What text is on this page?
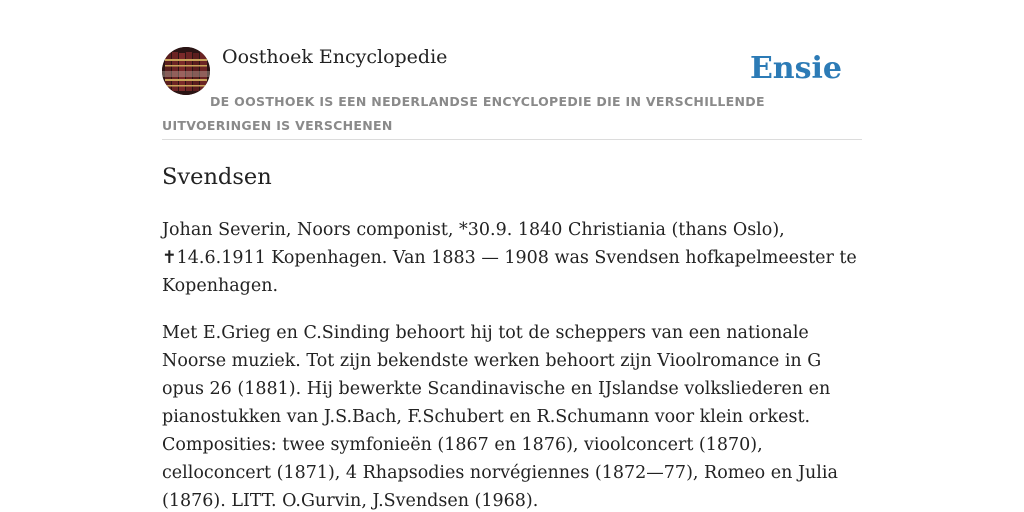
Oosthoek Encyclopedie	Ensie
DE OOSTHOEK IS EEN NEDERLANDSE ENCYCLOPEDIE DIE IN VERSCHILLENDE UITVOERINGEN IS VERSCHENEN
Svendsen

Johan Severin, Noors componist, *30.9. 1840 Christiania (thans Oslo), ✝14.6.1911 Kopenhagen. Van 1883 — 1908 was Svendsen hofkapelmeester te Kopenhagen.

Met E.Grieg en C.Sinding behoort hij tot de scheppers van een nationale Noorse muziek. Tot zijn bekendste werken behoort zijn Vioolromance in G opus 26 (1881). Hij bewerkte Scandinavische en IJslandse volksliederen en pianostukken van J.S.Bach, F.Schubert en R.Schumann voor klein orkest. Composities: twee symfonieën (1867 en 1876), vioolconcert (1870), celloconcert (1871), 4 Rhapsodies norvégiennes (1872—77), Romeo en Julia (1876). LITT. O.Gurvin, J.Svendsen (1968).
